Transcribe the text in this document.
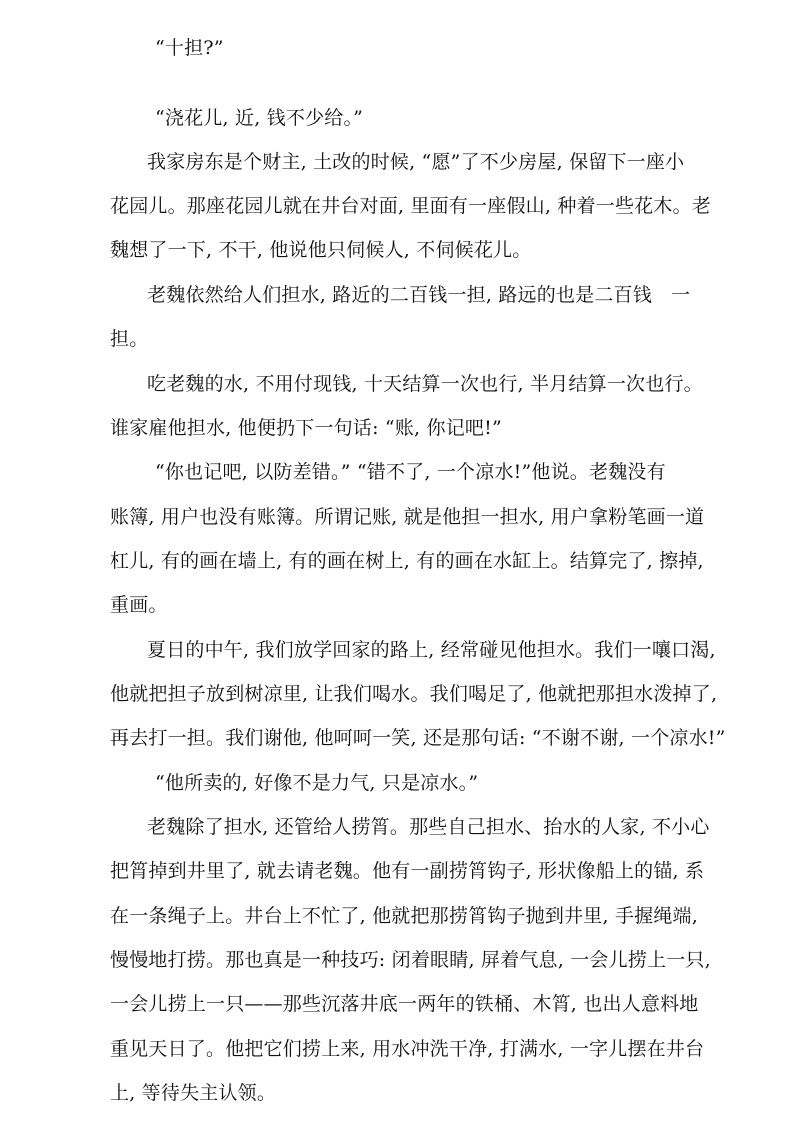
“十担?”
“浇花儿, 近, 钱不少给。”
我家房东是个财主, 土改的时候, “愿”了不少房屋, 保留下一座小
花园儿。那座花园儿就在井台对面, 里面有一座假山, 种着一些花木。老
魏想了一下, 不干, 他说他只伺候人, 不伺候花儿。
老魏依然给人们担水, 路近的二百钱一担, 路远的也是二百钱　一
担。
吃老魏的水, 不用付现钱, 十天结算一次也行, 半月结算一次也行。
谁家雇他担水, 他便扔下一句话: “账, 你记吧!”
“你也记吧, 以防差错。” “错不了, 一个凉水!”他说。老魏没有
账簿, 用户也没有账簿。所谓记账, 就是他担一担水, 用户拿粉笔画一道
杠儿, 有的画在墙上, 有的画在树上, 有的画在水缸上。结算完了, 擦掉,
重画。
夏日的中午, 我们放学回家的路上, 经常碰见他担水。我们一嚷口渴,
他就把担子放到树凉里, 让我们喝水。我们喝足了, 他就把那担水泼掉了,
再去打一担。我们谢他, 他呵呵一笑, 还是那句话: “不谢不谢, 一个凉水!”
“他所卖的, 好像不是力气, 只是凉水。”
老魏除了担水, 还管给人捞筲。那些自己担水、抬水的人家, 不小心
把筲掉到井里了, 就去请老魏。他有一副捞筲钩子, 形状像船上的锚, 系
在一条绳子上。井台上不忙了, 他就把那捞筲钩子抛到井里, 手握绳端,
慢慢地打捞。那也真是一种技巧: 闭着眼睛, 屏着气息, 一会儿捞上一只,
一会儿捞上一只——那些沉落井底一两年的铁桶、木筲, 也出人意料地
重见天日了。他把它们捞上来, 用水冲洗干净, 打满水, 一字儿摆在井台
上, 等待失主认领。
